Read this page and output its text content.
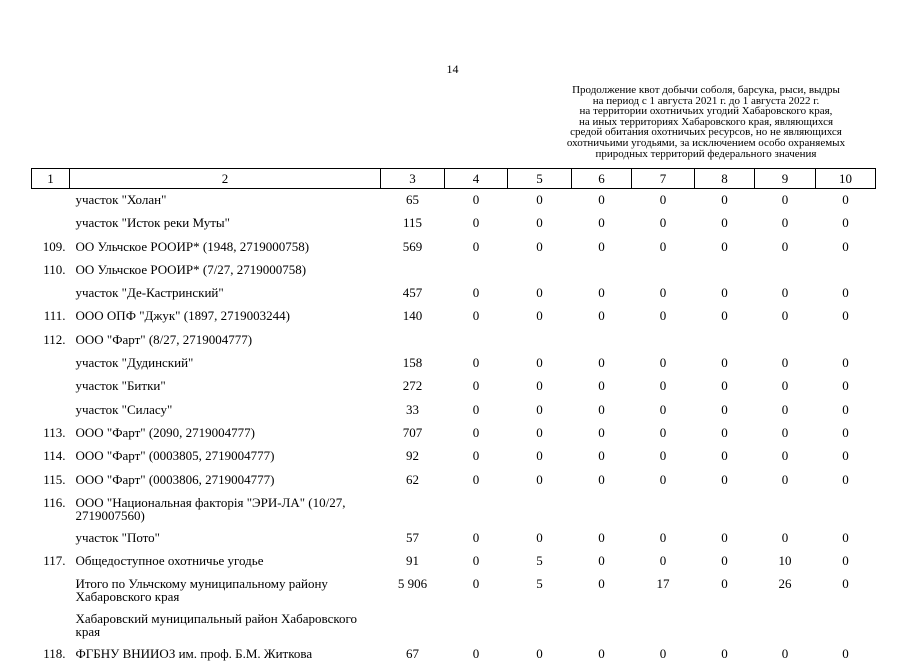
14
Продолжение квот добычи соболя, барсука, рыси, выдры
на период с 1 августа 2021 г. до 1 августа 2022 г.
на территории охотничьих угодий Хабаровского края,
на иных территориях Хабаровского края, являющихся
средой обитания охотничьих ресурсов, но не являющихся
охотничьими угодьями, за исключением особо охраняемых
природных территорий федерального значения
1	2	3	4	5	6	7	8	9	10
	участок "Холан"	65	0	0	0	0	0	0	0
	участок "Исток реки Муты"	115	0	0	0	0	0	0	0
109.	ОО Ульчское РООИР* (1948, 2719000758)	569	0	0	0	0	0	0	0
110.	ОО Ульчское РООИР* (7/27, 2719000758)								
	участок "Де-Кастринский"	457	0	0	0	0	0	0	0
111.	ООО ОПФ "Джук" (1897, 2719003244)	140	0	0	0	0	0	0	0
112.	ООО "Фарт" (8/27, 2719004777)								
	участок "Дудинский"	158	0	0	0	0	0	0	0
	участок "Битки"	272	0	0	0	0	0	0	0
	участок "Силасу"	33	0	0	0	0	0	0	0
113.	ООО "Фарт" (2090, 2719004777)	707	0	0	0	0	0	0	0
114.	ООО "Фарт" (0003805, 2719004777)	92	0	0	0	0	0	0	0
115.	ООО "Фарт" (0003806, 2719004777)	62	0	0	0	0	0	0	0
116.	ООО "Национальная факторія "ЭРИ-ЛА" (10/27, 2719007560)								
	участок "Пото"	57	0	0	0	0	0	0	0
117.	Общедоступное охотничье угодье	91	0	5	0	0	0	10	0
	Итого по Ульчскому муниципальному району Хабаровского края	5 906	0	5	0	17	0	26	0
	Хабаровский муниципальный район Хабаровского края								
118.	ФГБНУ ВНИИОЗ им. проф. Б.М. Житкова	67	0	0	0	0	0	0	0
